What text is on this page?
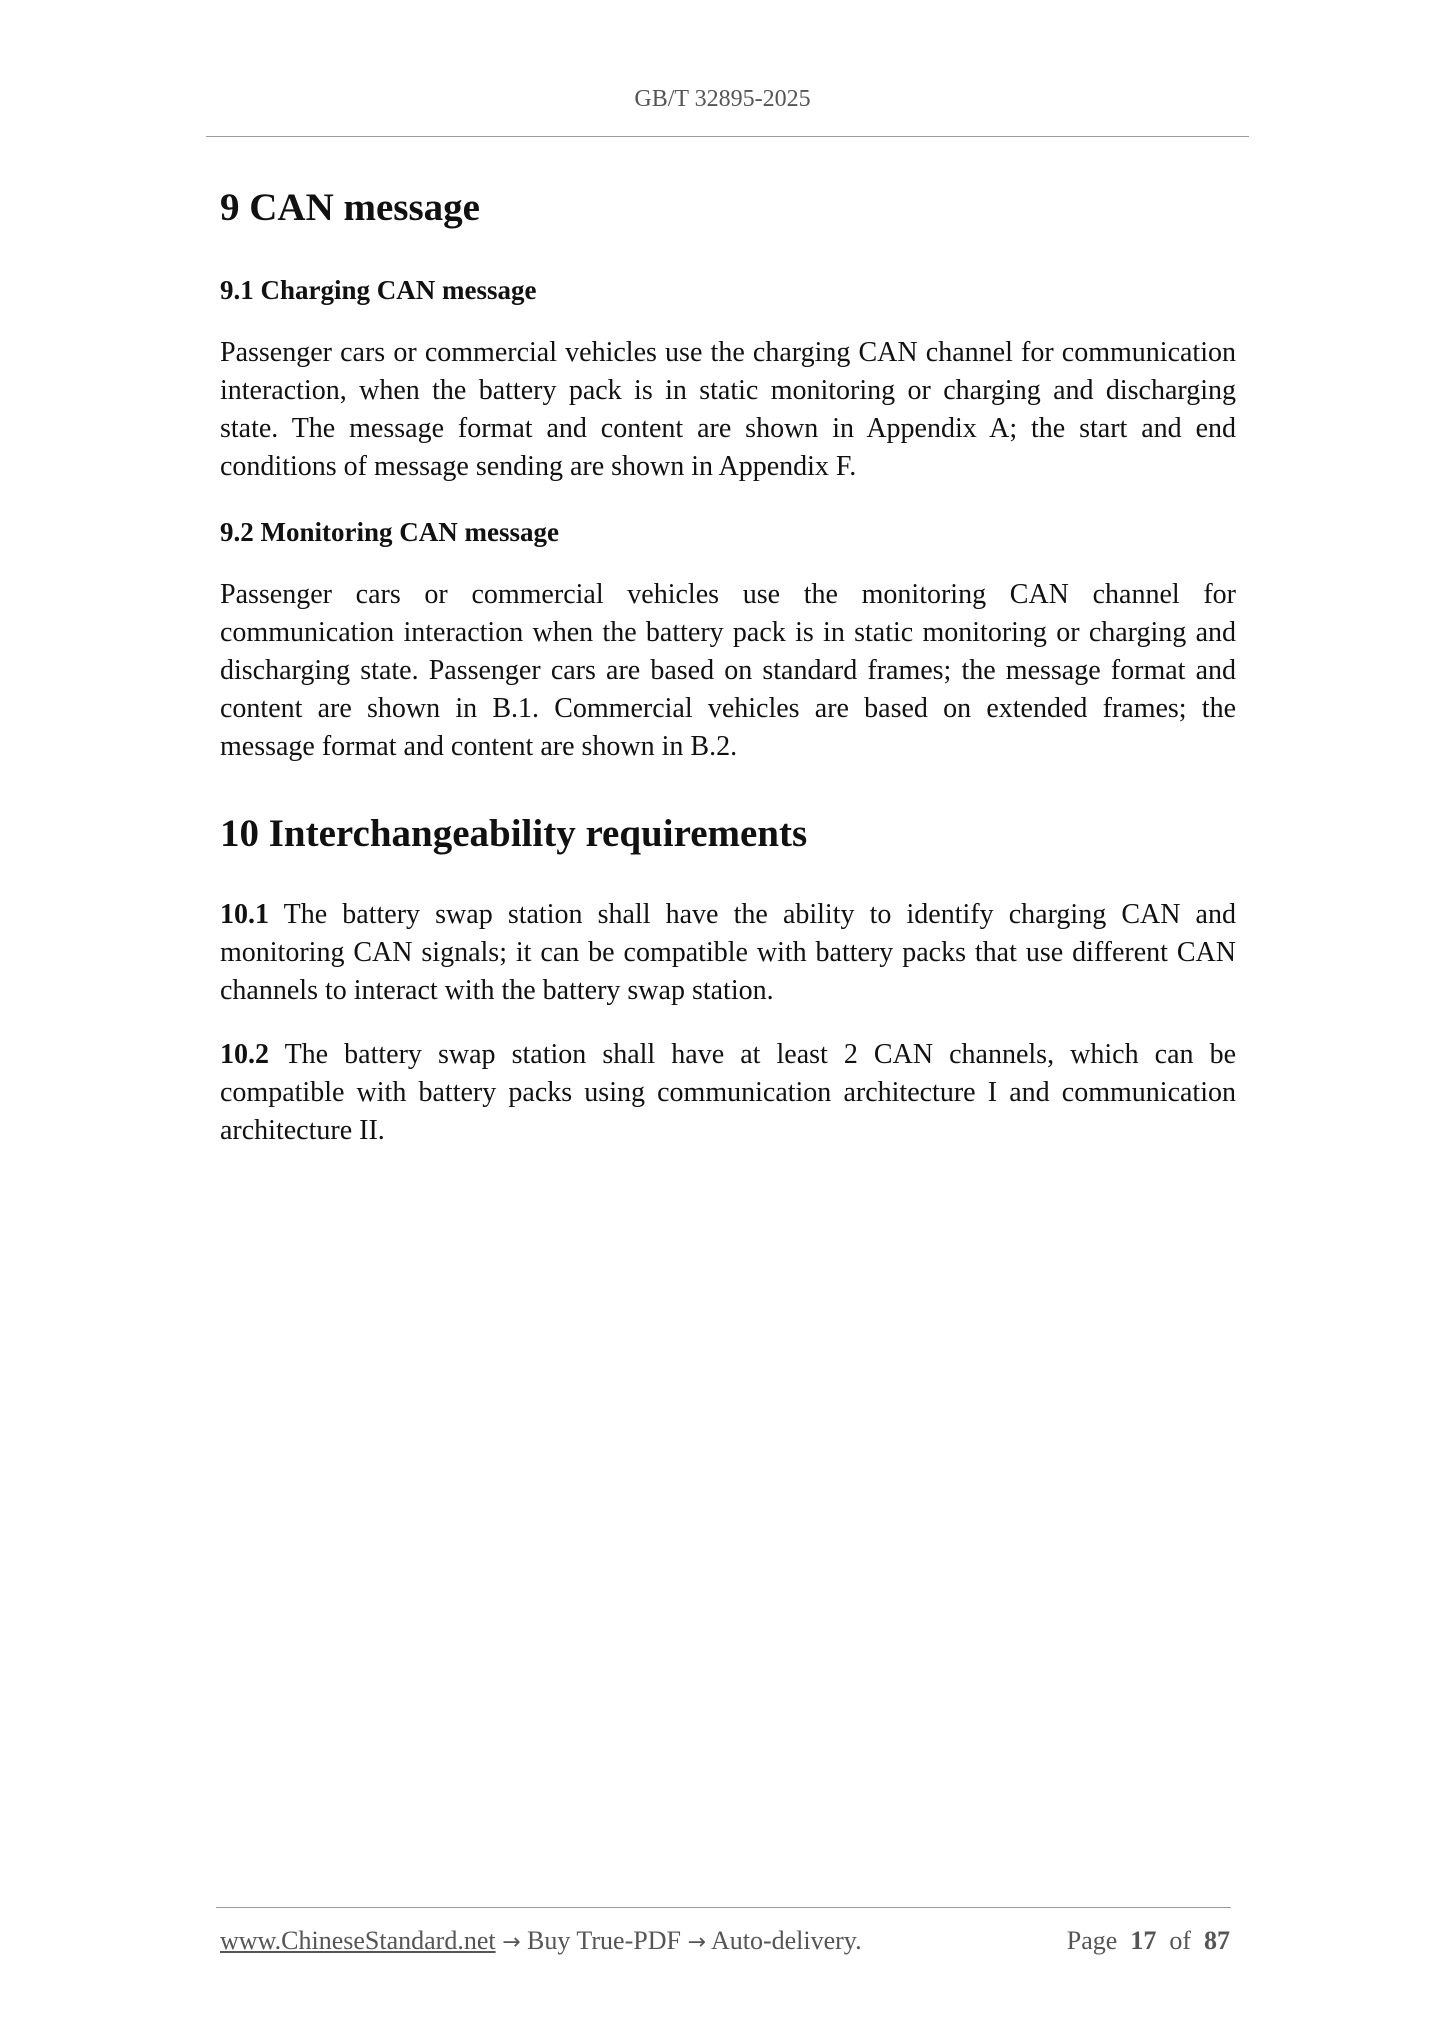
GB/T 32895-2025
9 CAN message
9.1 Charging CAN message

Passenger cars or commercial vehicles use the charging CAN channel for communication interaction, when the battery pack is in static monitoring or charging and discharging state. The message format and content are shown in Appendix A; the start and end conditions of message sending are shown in Appendix F.

9.2 Monitoring CAN message

Passenger cars or commercial vehicles use the monitoring CAN channel for communication interaction when the battery pack is in static monitoring or charging and discharging state. Passenger cars are based on standard frames; the message format and content are shown in B.1. Commercial vehicles are based on extended frames; the message format and content are shown in B.2.

10 Interchangeability requirements

10.1 The battery swap station shall have the ability to identify charging CAN and monitoring CAN signals; it can be compatible with battery packs that use different CAN channels to interact with the battery swap station.

10.2 The battery swap station shall have at least 2 CAN channels, which can be compatible with battery packs using communication architecture I and communication architecture II.

www.ChineseStandard.net → Buy True-PDF → Auto-delivery.	Page 17 of 87
